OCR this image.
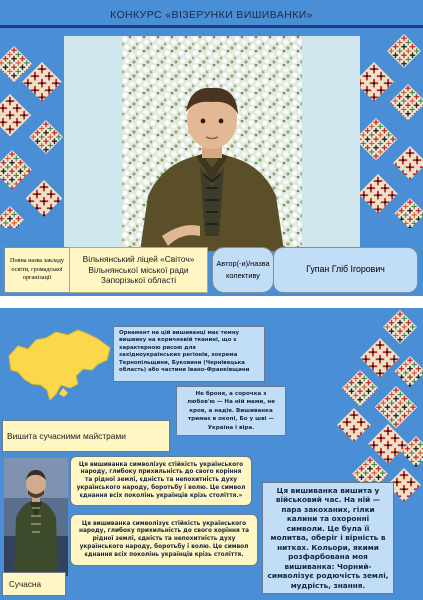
КОНКУРС «ВІЗЕРУНКИ ВИШИВАНКИ»
Повна назва закладу освіти, громадської організації
Вільнянський ліцей «Світоч» Вільнянської міської ради Запорізької області
Автор(-и)/назва колективу
Гупан Гліб Ігорович
Орнамент на цій вишиванці має темну вишивку на коричневій тканині, що є характерною рисою для західноукраїнських регіонів, зокрема Тернопільщини, Буковини (Чернівецька область) або частини Івано-Франківщини
Не броня, а сорочка з любов'ю — На ній мами, не кров, а надія. Вишиванка тримає в окопі, Бо у шві — Україна і віра.
Вишита сучасними майстрами
Ця вишиванка символізує стійкість українського народу, глибоку прихильність до свого коріння та рідної землі, єдність та непохитність духу українського народу, боротьбу і волю. Це символ єднання всіх поколінь українців крізь століття.»
Ця вишиванка символізує стійкість українського народу, глибоку прихильність до свого коріння та рідної землі, єдність та непохитність духу українського народу, боротьбу і волю. Це символ єднання всіх поколінь українців крізь століття.
Ця вишиванка вишита у військовий час. На ній — пара закоханих, гілки калини та охоронні символи. Це була її молитва, оберіг і вірність в нитках. Кольори, якими розфарбована моя вишиванка: Чорний-символізує родючість землі, мудрість, знання.
Сучасна
